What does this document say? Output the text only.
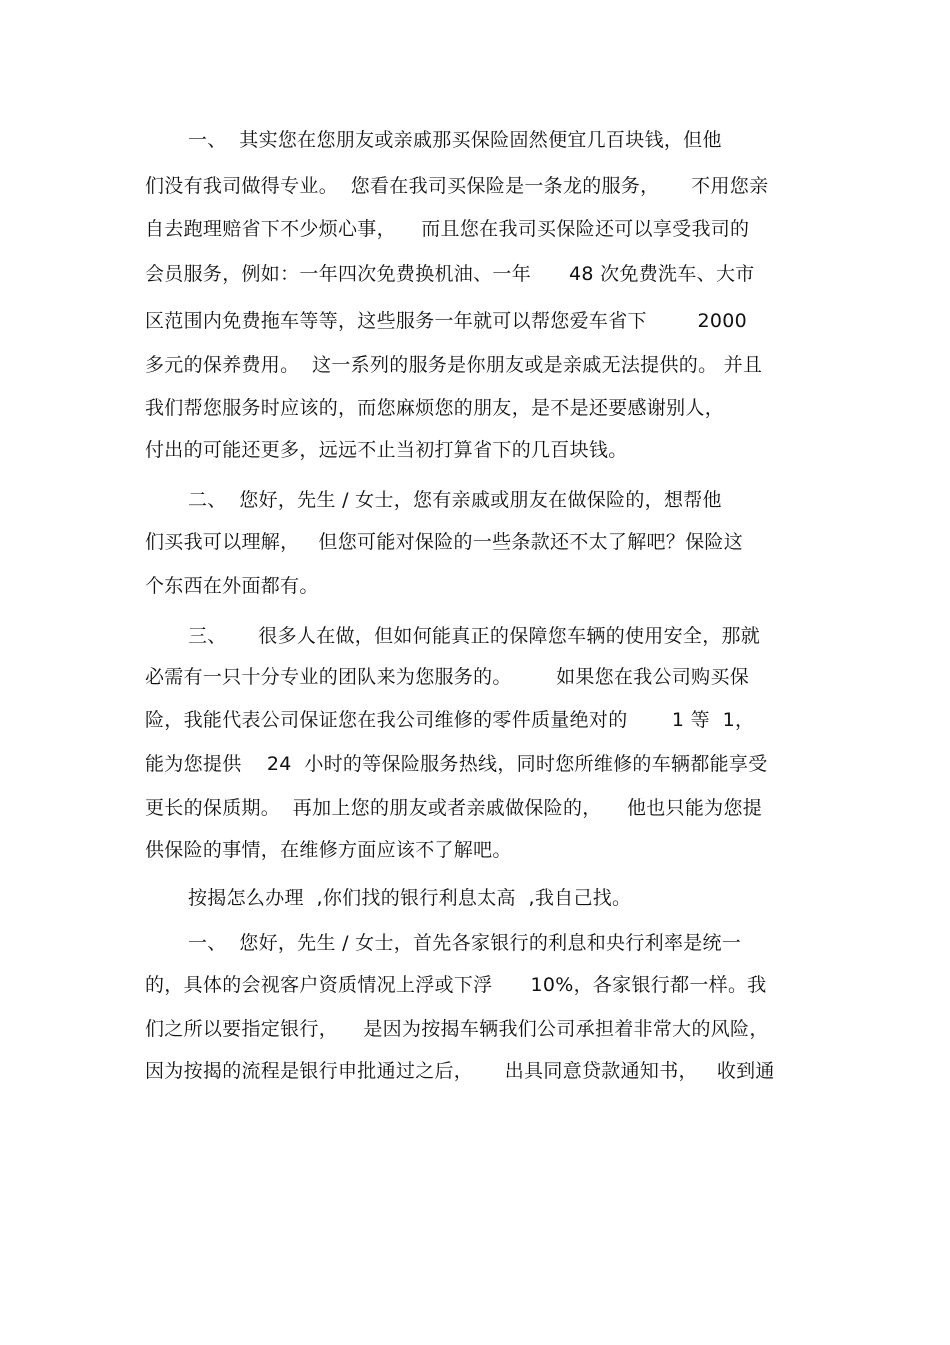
一、  其实您在您朋友或亲戚那买保险固然便宜几百块钱，但他
们没有我司做得专业。  您看在我司买保险是一条龙的服务，     不用您亲
自去跑理赔省下不少烦心事，    而且您在我司买保险还可以享受我司的
会员服务，例如：一年四次免费换机油、一年      48 次免费洗车、大市
区范围内免费拖车等等，这些服务一年就可以帮您爱车省下        2000
多元的保养费用。  这一系列的服务是你朋友或是亲戚无法提供的。 并且
我们帮您服务时应该的，而您麻烦您的朋友，是不是还要感谢别人，
付出的可能还更多，远远不止当初打算省下的几百块钱。
二、  您好，先生 / 女士，您有亲戚或朋友在做保险的，想帮他
们买我可以理解，   但您可能对保险的一些条款还不太了解吧？保险这
个东西在外面都有。
三、     很多人在做，但如何能真正的保障您车辆的使用安全，那就
必需有一只十分专业的团队来为您服务的。       如果您在我公司购买保
险，我能代表公司保证您在我公司维修的零件质量绝对的       1 等  1，
能为您提供    24  小时的等保险服务热线，同时您所维修的车辆都能享受
更长的保质期。  再加上您的朋友或者亲戚做保险的，    他也只能为您提
供保险的事情，在维修方面应该不了解吧。
按揭怎么办理  ,你们找的银行利息太高  ,我自己找。
一、  您好，先生 / 女士，首先各家银行的利息和央行利率是统一
的，具体的会视客户资质情况上浮或下浮      10%，各家银行都一样。我
们之所以要指定银行，    是因为按揭车辆我们公司承担着非常大的风险，
因为按揭的流程是银行申批通过之后，     出具同意贷款通知书，   收到通
